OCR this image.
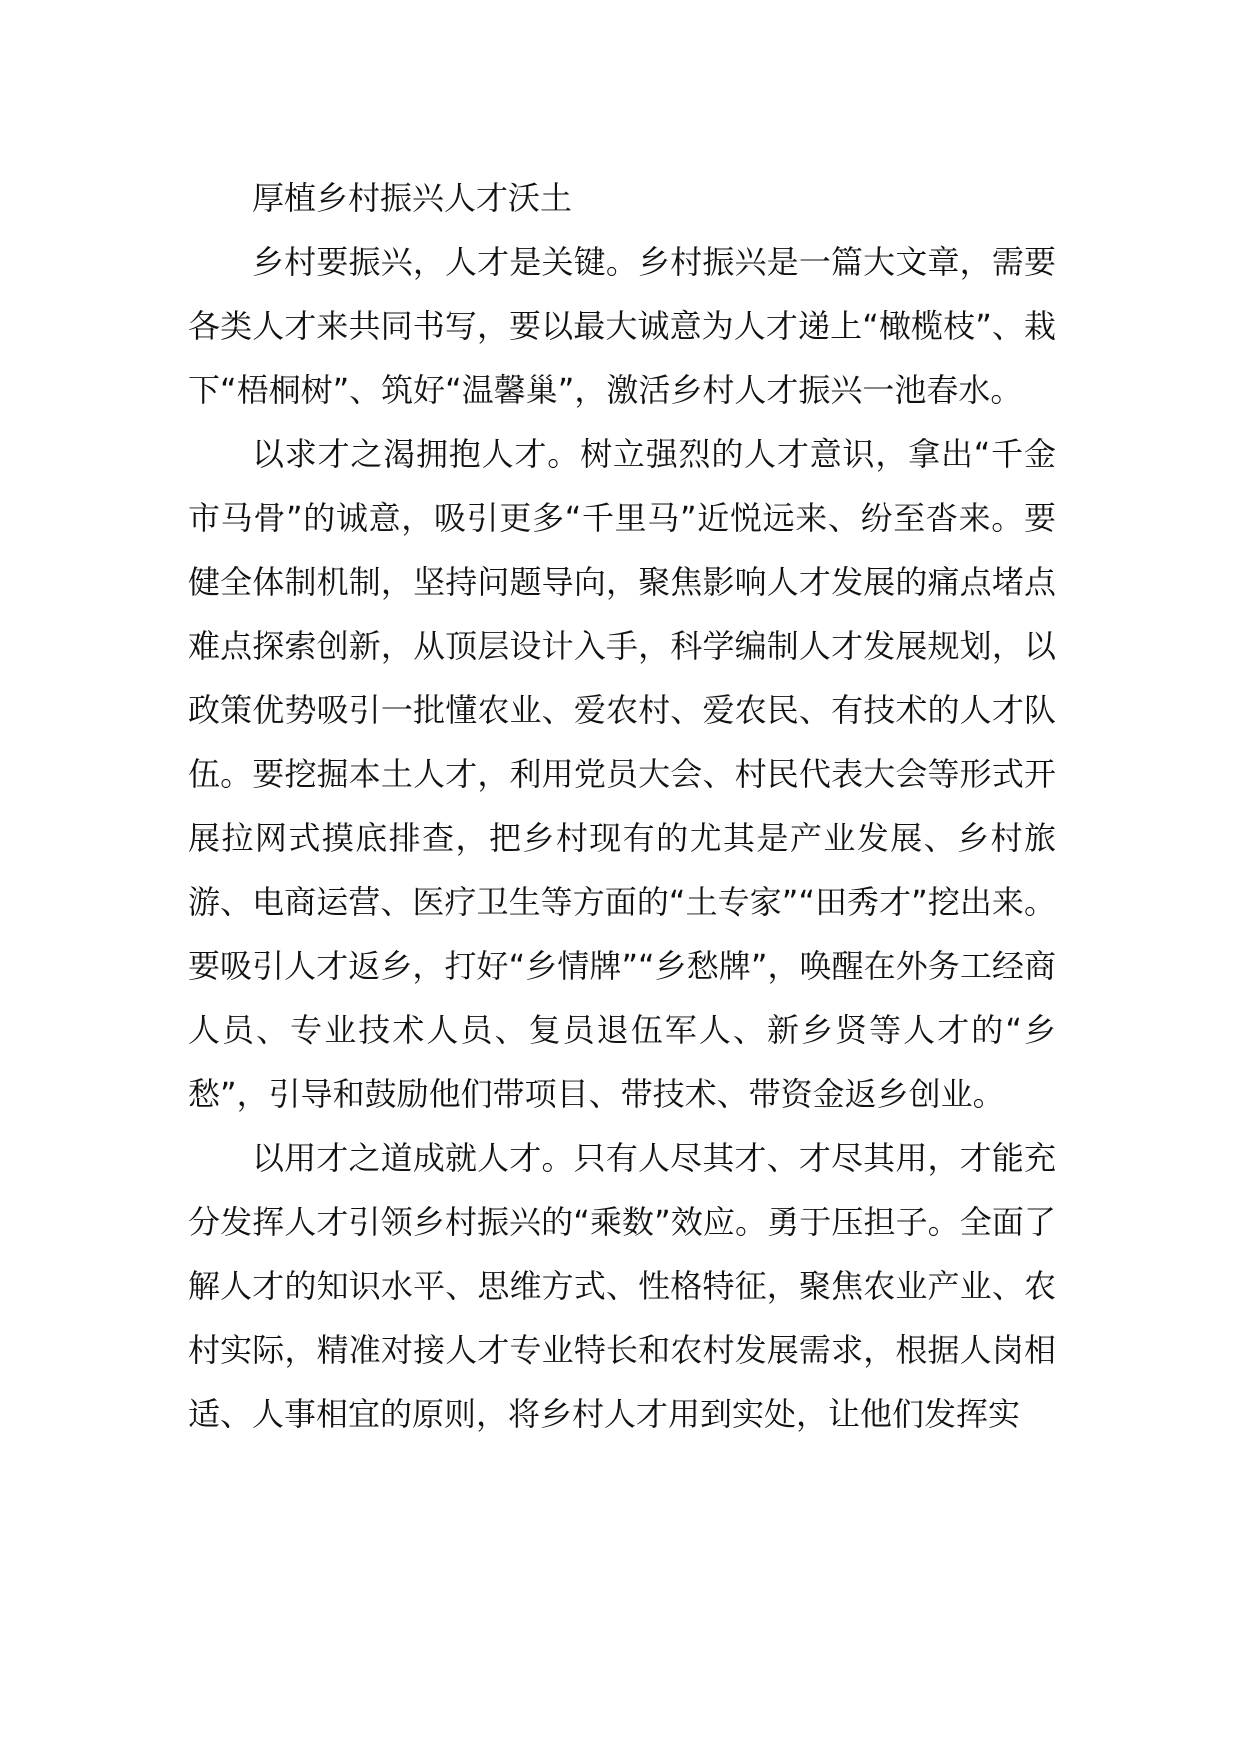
厚植乡村振兴人才沃土

乡村要振兴，人才是关键。乡村振兴是一篇大文章，需要各类人才来共同书写，要以最大诚意为人才递上“橄榄枝”、栽下“梧桐树”、筑好“温馨巢”，激活乡村人才振兴一池春水。

以求才之渴拥抱人才。树立强烈的人才意识，拿出“千金市马骨”的诚意，吸引更多“千里马”近悦远来、纷至沓来。要健全体制机制，坚持问题导向，聚焦影响人才发展的痛点堵点难点探索创新，从顶层设计入手，科学编制人才发展规划，以政策优势吸引一批懂农业、爱农村、爱农民、有技术的人才队伍。要挖掘本土人才，利用党员大会、村民代表大会等形式开展拉网式摸底排查，把乡村现有的尤其是产业发展、乡村旅游、电商运营、医疗卫生等方面的“土专家”“田秀才”挖出来。要吸引人才返乡，打好“乡情牌”“乡愁牌”，唤醒在外务工经商人员、专业技术人员、复员退伍军人、新乡贤等人才的“乡愁”，引导和鼓励他们带项目、带技术、带资金返乡创业。

以用才之道成就人才。只有人尽其才、才尽其用，才能充分发挥人才引领乡村振兴的“乘数”效应。勇于压担子。全面了解人才的知识水平、思维方式、性格特征，聚焦农业产业、农村实际，精准对接人才专业特长和农村发展需求，根据人岗相适、人事相宜的原则，将乡村人才用到实处，让他们发挥实
